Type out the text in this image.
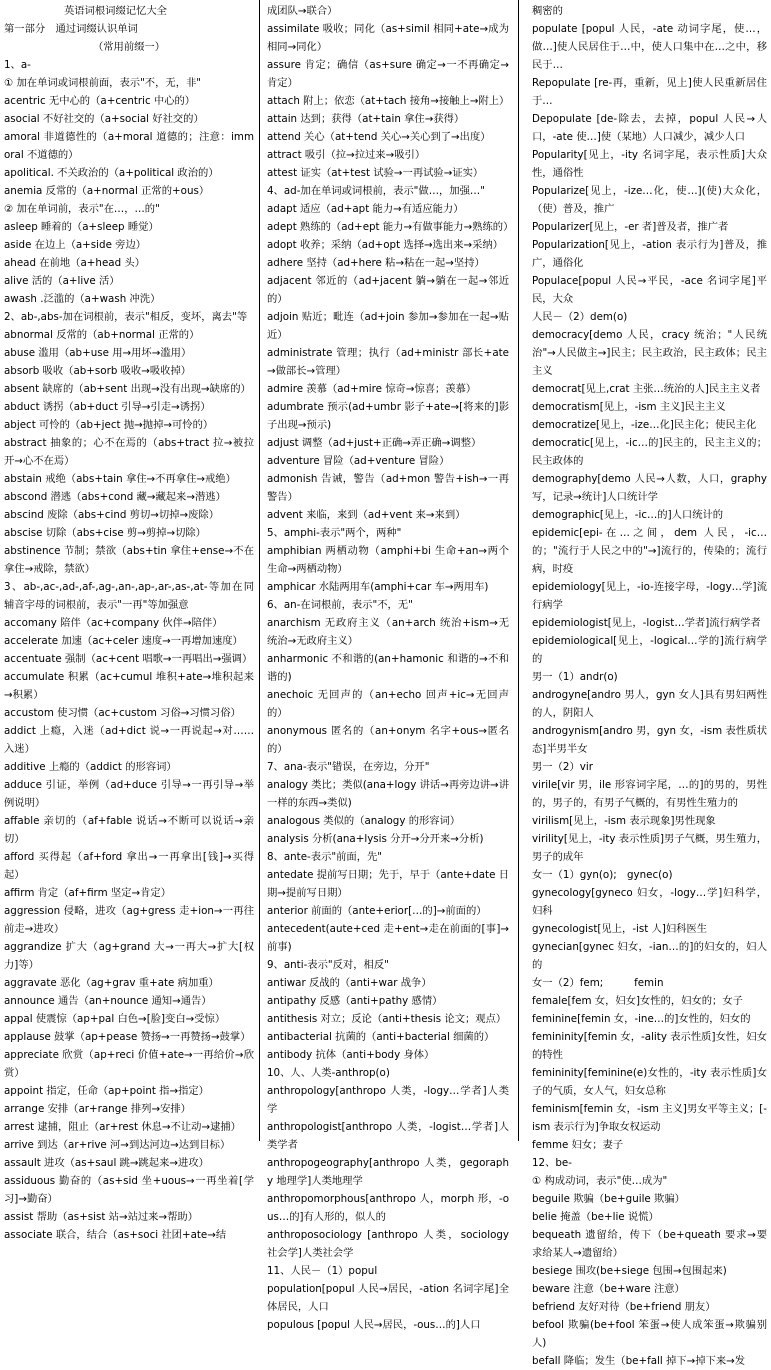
英语词根词缀记忆大全

第一部分　通过词缀认识单词

（常用前缀一）

1、a-

① 加在单词或词根前面，表示"不，无，非"

acentric 无中心的（a+centric 中心的）

asocial 不好社交的（a+social 好社交的）

amoral 非道德性的（a+moral 道德的；注意：immoral 不道德的）

apolitical. 不关政治的（a+political 政治的）

anemia 反常的（a+normal 正常的+ous）

② 加在单词前，表示"在…，…的"

asleep 睡着的（a+sleep 睡觉）

aside 在边上（a+side 旁边）

ahead 在前地（a+head 头）

alive 活的（a+live 活）

awash .泛滥的（a+wash 冲洗）

2、ab-,abs-加在词根前，表示"相反，变坏，离去"等

abnormal 反常的（ab+normal 正常的）

abuse 滥用（ab+use 用→用坏→滥用）

absorb 吸收（ab+sorb 吸收→吸收掉）

absent 缺席的（ab+sent 出现→没有出现→缺席的）

abduct 诱拐（ab+duct 引导→引走→诱拐）

abject 可怜的（ab+ject 抛→抛掉→可怜的）

abstract 抽象的；心不在焉的（abs+tract 拉→被拉开→心不在焉）

abstain 戒绝（abs+tain 拿住→不再拿住→戒绝）

abscond 潜逃（abs+cond 藏→藏起来→潜逃）

abscind 废除（abs+cind 剪切→切掉→废除）

abscise 切除（abs+cise 剪→剪掉→切除）

abstinence 节制；禁欲（abs+tin 拿住+ense→不在拿住→戒除，禁欲）

3、ab-,ac-,ad-,af-,ag-,an-,ap-,ar-,as-,at-等加在同辅音字母的词根前，表示"一再"等加强意

accomany 陪伴（ac+company 伙伴→陪伴）

accelerate 加速（ac+celer 速度→一再增加速度）

accentuate 强制（ac+cent 唱歌→一再唱出→强调）

accumulate 积累（ac+cumul 堆积+ate→堆积起来→积累）

accustom 使习惯（ac+custom 习俗→习惯习俗）

addict 上瘾，入迷（ad+dict 说→一再说起→对……入迷）

additive 上瘾的（addict 的形容词）

adduce 引证，举例（ad+duce 引导→一再引导→举例说明）

affable 亲切的（af+fable 说话→不断可以说话→亲切）

afford 买得起（af+ford 拿出→一再拿出[钱]→买得起）

affirm 肯定（af+firm 坚定→肯定）

aggression 侵略，进攻（ag+gress 走+ion→一再往前走→进攻）

aggrandize 扩大（ag+grand 大→一再大→扩大[权力]等）

aggravate 恶化（ag+grav 重+ate 病加重）

announce 通告（an+nounce 通知→通告）

appal 使震惊（ap+pal 白色→[脸]变白→受惊）

applause 鼓掌（ap+pease 赞扬→一再赞扬→鼓掌）

appreciate 欣赏（ap+reci 价值+ate→一再给价→欣赏）

appoint 指定，任命（ap+point 指→指定）

arrange 安排（ar+range 排列→安排）

arrest 逮捕，阻止（ar+rest 休息→不让动→逮捕）

arrive 到达（ar+rive 河→到达河边→达到目标）

assault 进攻（as+saul 跳→跳起来→进攻）

assiduous 勤奋的（as+sid 坐+uous→一再坐着[学习]→勤奋）

assist 帮助（as+sist 站→站过来→帮助）

associate 联合，结合（as+soci 社团+ate→结

成团队→联合）

assimilate 吸收；同化（as+simil 相同+ate→成为相同→同化）

assure 肯定；确信（as+sure 确定→一不再确定→肯定）

attach 附上；依恋（at+tach 接角→接触上→附上）

attain 达到；获得（at+tain 拿住→获得）

attend 关心（at+tend 关心→关心到了→出度）

attract 吸引（拉→拉过来→吸引）

attest 证实（at+test 试验→一再试验→证实）

4、ad-加在单词或词根前，表示"做…，加强…"

adapt 适应（ad+apt 能力→有适应能力）

adept 熟练的（ad+ept 能力→有做事能力→熟练的）

adopt 收养；采纳（ad+opt 选择→选出来→采纳）

adhere 坚持（ad+here 粘→粘在一起→坚持）

adjacent 邻近的（ad+jacent 躺→躺在一起→邻近的）

adjoin 贴近；毗连（ad+join 参加→参加在一起→贴近）

administrate 管理；执行（ad+ministr 部长+ate→做部长→管理）

admire 羡慕（ad+mire 惊奇→惊喜；羡慕）

adumbrate 预示(ad+umbr 影子+ate→[将来的]影子出现→预示)

adjust 调整（ad+just+正确→弄正确→调整）

adventure 冒险（ad+venture 冒险）

admonish 告诫，警告（ad+mon 警告+ish→一再警告）

advent 来临，来到（ad+vent 来→来到）

5、amphi-表示"两个，两种"

amphibian 两栖动物（amphi+bi 生命+an→两个生命→两栖动物）

amphicar 水陆两用车(amphi+car 车→两用车)

6、an-在词根前，表示"不，无"

anarchism 无政府主义（an+arch 统治+ism→无统治→无政府主义）

anharmonic 不和谐的(an+hamonic 和谐的→不和谐的)

anechoic 无回声的（an+echo 回声+ic→无回声的）

anonymous 匿名的（an+onym 名字+ous→匿名的）

7、ana-表示"错误，在旁边，分开"

analogy 类比；类似(ana+logy 讲话→再旁边讲→讲一样的东西→类似)

analogous 类似的（analogy 的形容词）

analysis 分析(ana+lysis 分开→分开来→分析)

8、ante-表示"前面，先"

antedate 提前写日期；先于，早于（ante+date 日期→提前写日期）

anterior 前面的（ante+erior[…的]→前面的）

antecedent(aute+ced 走+ent→走在前面的[事]→前事)

9、anti-表示"反对，相反"

antiwar 反战的（anti+war 战争）

antipathy 反感（anti+pathy 感情）

antithesis 对立；反论（anti+thesis 论文；观点）

antibacterial 抗菌的（anti+bacterial 细菌的）

antibody 抗体（anti+body 身体）

10、人、人类-anthrop(o)

anthropology[anthropo 人类，-logy…学者]人类学

anthropologist[anthropo 人类，-logist…学者]人类学者

anthropogeography[anthropo 人类，gegoraphy 地理学]人类地理学

anthropomorphous[anthropo 人，morph 形，-ous…的]有人形的，似人的

anthroposociology [anthropo 人类，sociology 社会学]人类社会学

11、人民－（1）popul

population[popul 人民→居民，-ation 名词字尾]全体居民，人口

populous [popul 人民→居民，-ous…的]人口

稠密的

populate [popul 人民，-ate 动词字尾，使…，做…]使人民居住于…中，使人口集中在…之中，移民于…

Repopulate [re-再，重新，见上]使人民重新居住于…

Depopulate [de-除去，去掉，popul 人民→人口，-ate 使…]使（某地）人口减少，减少人口

Popularity[见上，-ity 名词字尾，表示性质]大众性，通俗性

Popularize[见上，-ize…化，使…](使)大众化，（使）普及，推广

Popularizer[见上，-er 者]普及者，推广者

Popularization[见上，-ation 表示行为]普及，推广，通俗化

Populace[popul 人民→平民，-ace 名词字尾]平民，大众

人民－（2）dem(o)

democracy[demo 人民，cracy 统治；"人民统治"→人民做主→]民主；民主政治，民主政体；民主主义

democrat[见上,crat 主张…统治的人]民主主义者

democratism[见上，-ism 主义]民主主义

democratize[见上，-ize…化]民主化；使民主化

democratic[见上，-ic…的]民主的，民主主义的；民主政体的

demography[demo 人民→人数，人口，graphy 写，记录→统计]人口统计学

demographic[见上，-ic…的]人口统计的

epidemic[epi-在…之间，dem 人民，-ic…的；"流行于人民之中的"→]流行的，传染的；流行病，时疫

epidemiology[见上，-io-连接字母，-logy…学]流行病学

epidemiologist[见上，-logist…学者]流行病学者

epidemiological[见上，-logical…学的]流行病学的

男一（1）andr(o)

androgyne[andro 男人，gyn 女人]具有男妇两性的人，阴阳人

androgynism[andro 男，gyn 女，-ism 表性质状态]半男半女

男一（2）vir

virile[vir 男，ile 形容词字尾，…的]的男的，男性的，男子的，有男子气概的，有男性生殖力的

virilism[见上，-ism 表示现象]男性现象

virility[见上，-ity 表示性质]男子气概，男生殖力，男子的成年

女一（1）gyn(o);　gynec(o)

gynecology[gyneco 妇女，-logy…学]妇科学，妇科

gynecologist[见上，-ist 人]妇科医生

gynecian[gynec 妇女，-ian…的]的妇女的，妇人的

女一（2）fem;　　　femin

female[fem 女，妇女]女性的，妇女的；女子

feminine[femin 女，-ine…的]女性的，妇女的

femininity[femin 女，-ality 表示性质]女性，妇女的特性

femininity[feminine(e)女性的，-ity 表示性质]女子的气质，女人气，妇女总称

feminism[femin 女，-ism 主义]男女平等主义；[-ism 表示行为]争取女权运动

femme 妇女；妻子

12、be-

① 构成动词，表示"使…成为"

beguile 欺骗（be+guile 欺骗）

belie 掩盖（be+lie 说慌）

bequeath 遗留给，传下（be+queath 要求→要求给某人→遗留给）

besiege 围攻(be+siege 包围→包围起来)

beware 注意（be+ware 注意）

befriend 友好对待（be+friend 朋友）

befool 欺骗(be+fool 笨蛋→使人成笨蛋→欺骗别人)

befall 降临；发生（be+fall 掉下→掉下来→发
